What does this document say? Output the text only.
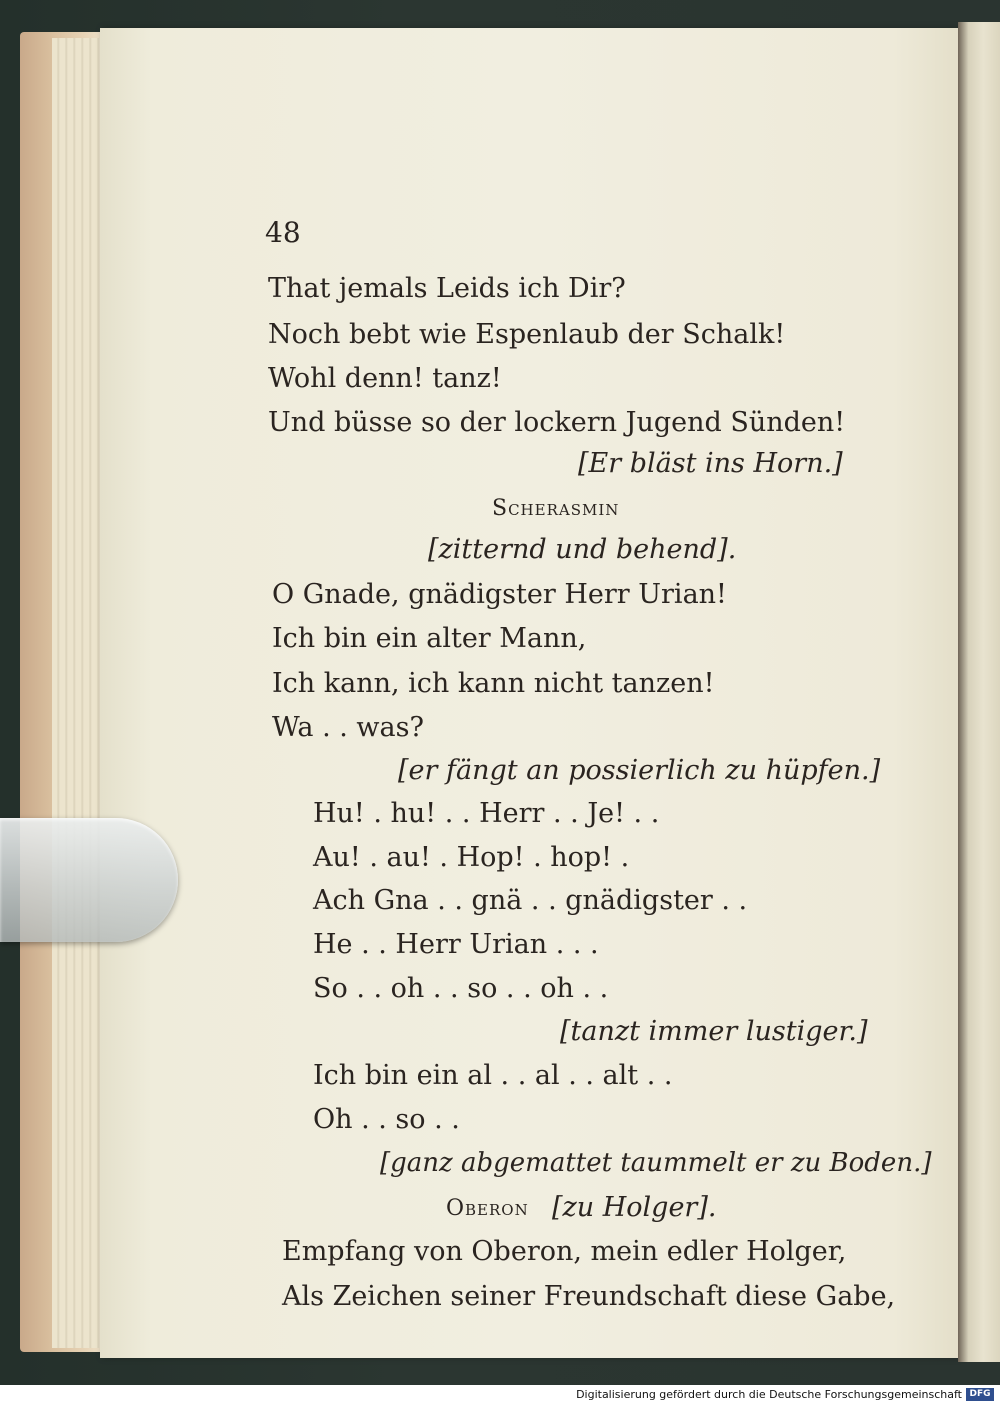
48
That jemals Leids ich Dir?
Noch bebt wie Espenlaub der Schalk!
Wohl denn! tanz!
Und büsse so der lockern Jugend Sünden!
[Er bläst ins Horn.]
Scherasmin
[zitternd und behend].
O Gnade, gnädigster Herr Urian!
Ich bin ein alter Mann,
Ich kann, ich kann nicht tanzen!
Wa . . was?
[er fängt an possierlich zu hüpfen.]
Hu! . hu! . . Herr . . Je! . .
Au! . au! . Hop! . hop! .
Ach Gna . . gnä . . gnädigster . .
He . . Herr Urian . . .
So . . oh . . so . . oh . .
[tanzt immer lustiger.]
Ich bin ein al . . al . . alt . .
Oh . . so . .
[ganz abgemattet taummelt er zu Boden.]
Oberon [zu Holger].
Empfang von Oberon, mein edler Holger,
Als Zeichen seiner Freundschaft diese Gabe,
Digitalisierung gefördert durch die Deutsche Forschungsgemeinschaft DFG
